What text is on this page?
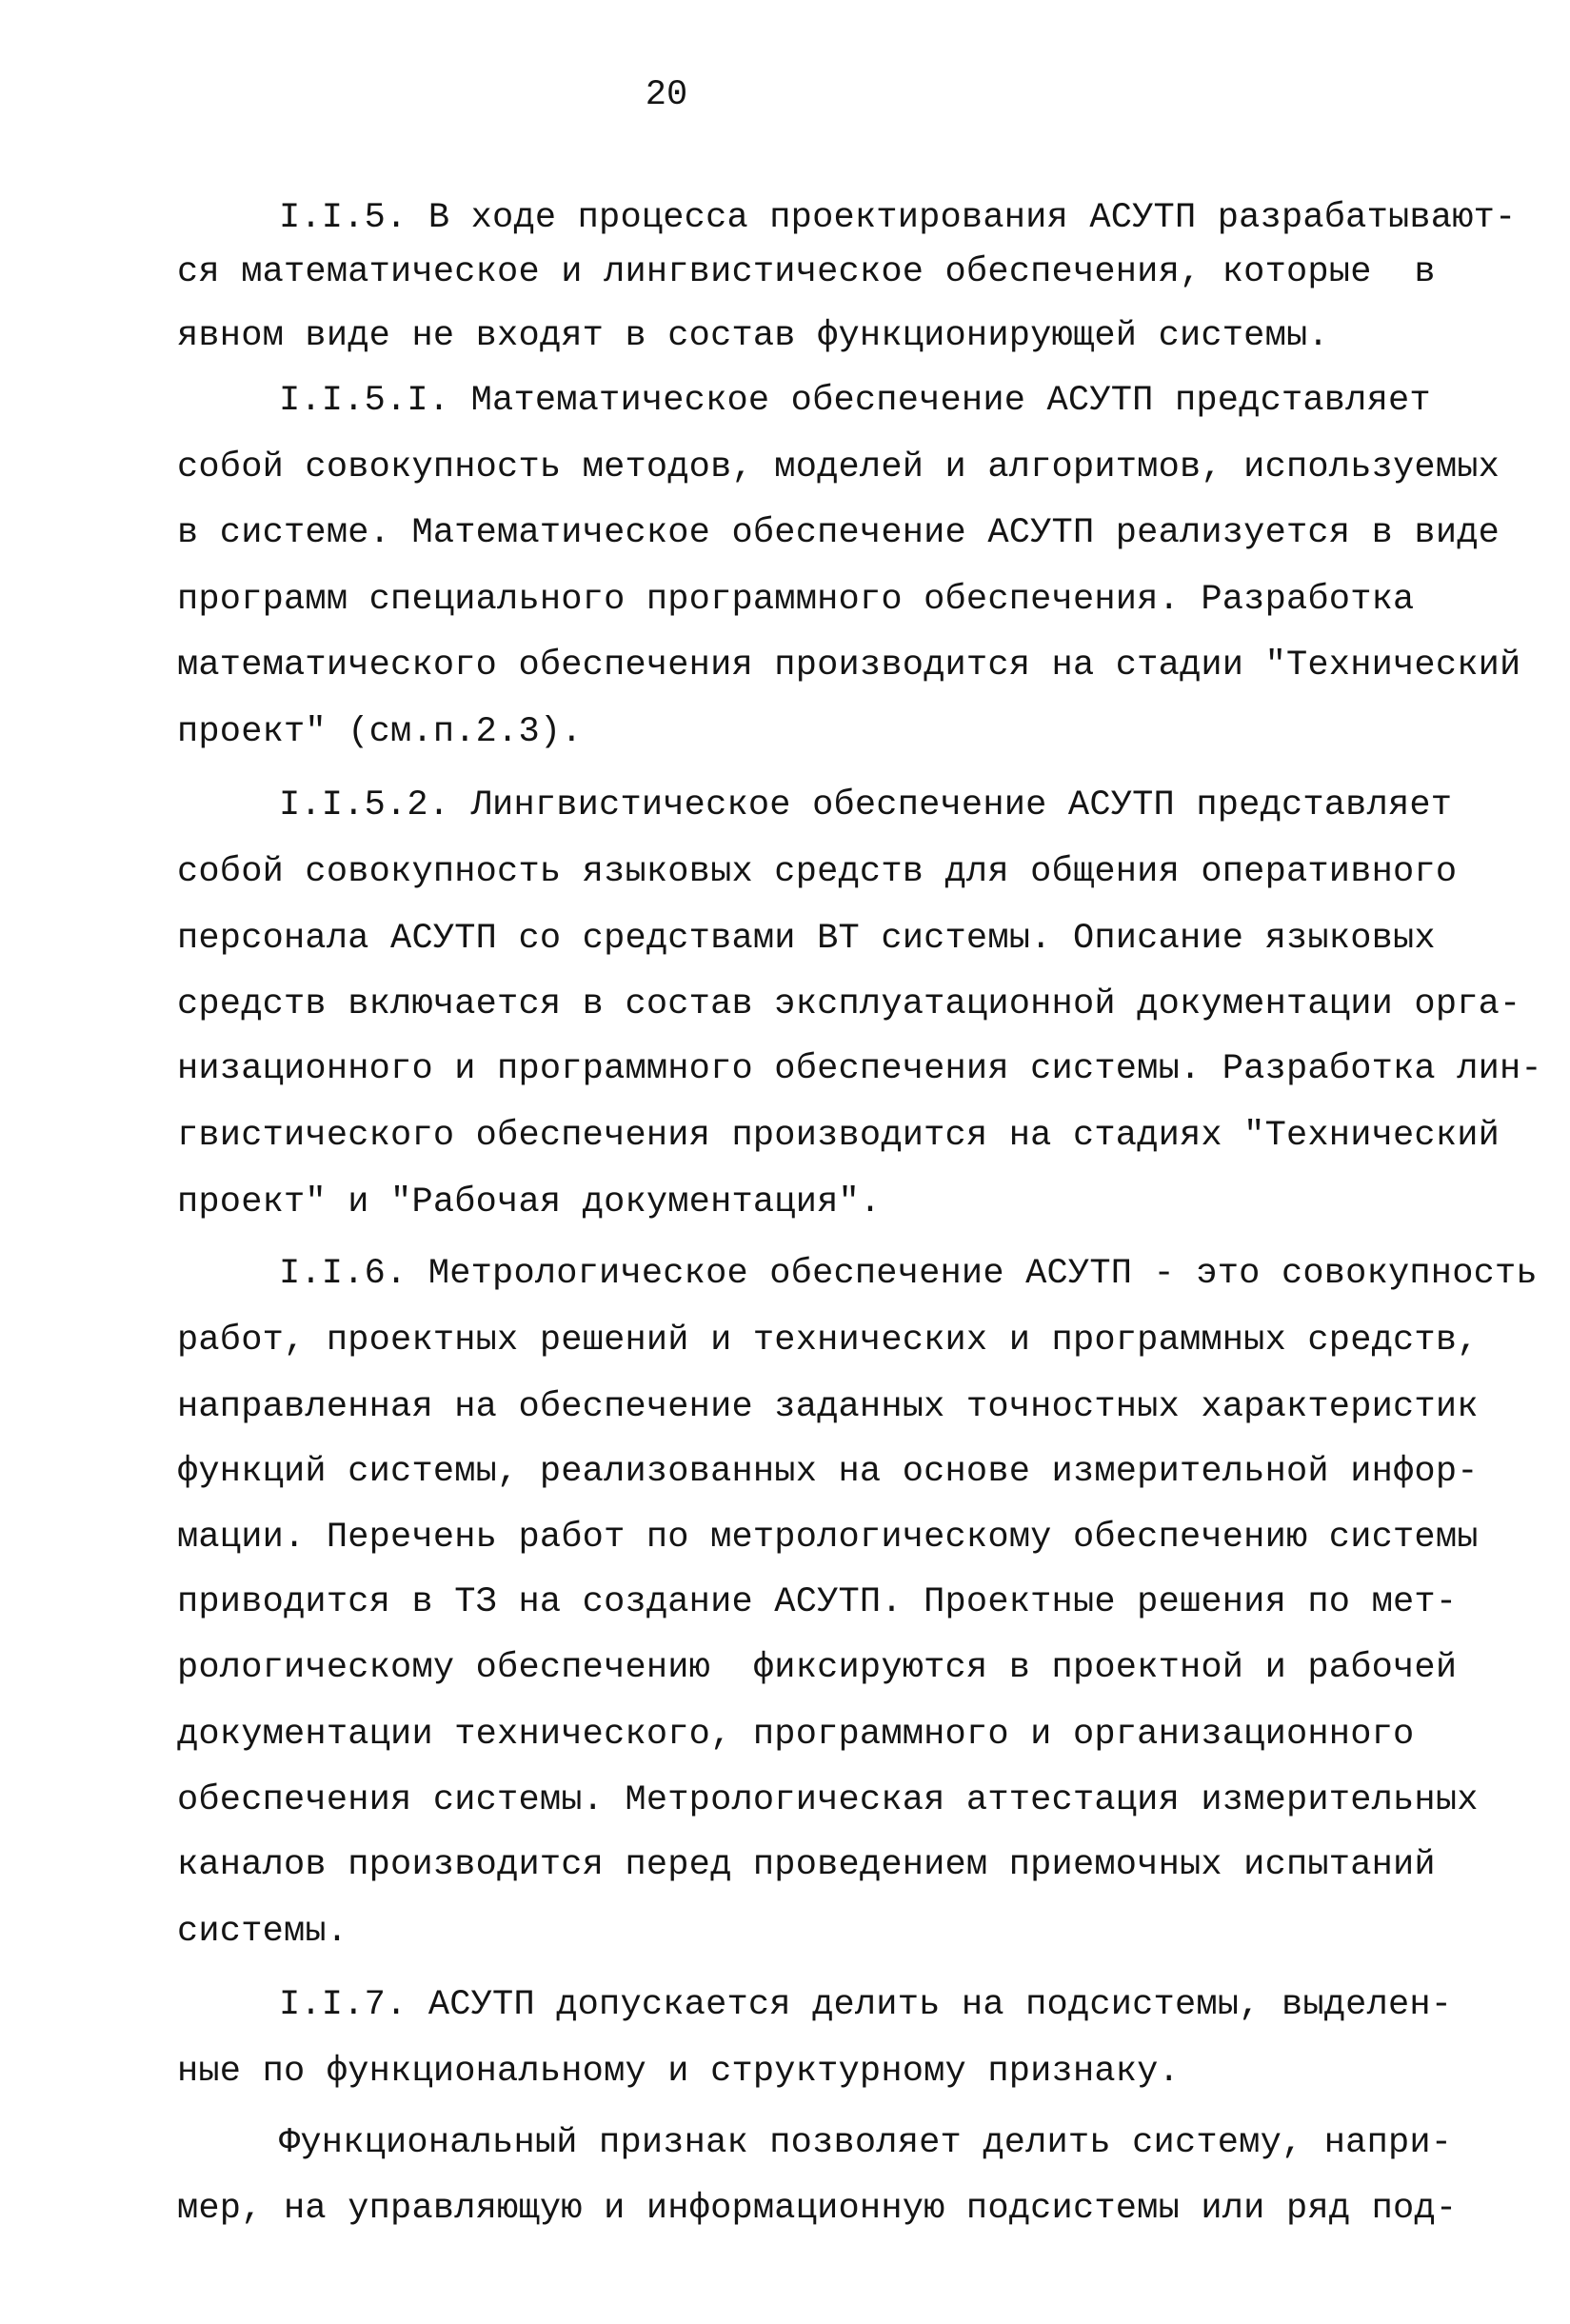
20
I.I.5. В ходе процесса проектирования АСУТП разрабатывают-
ся математическое и лингвистическое обеспечения, которые  в
явном виде не входят в состав функционирующей системы.
I.I.5.I. Математическое обеспечение АСУТП представляет
собой совокупность методов, моделей и алгоритмов, используемых
в системе. Математическое обеспечение АСУТП реализуется в виде
программ специального программного обеспечения. Разработка
математического обеспечения производится на стадии "Технический
проект" (см.п.2.3).
I.I.5.2. Лингвистическое обеспечение АСУТП представляет
собой совокупность языковых средств для общения оперативного
персонала АСУТП со средствами ВТ системы. Описание языковых
средств включается в состав эксплуатационной документации орга-
низационного и программного обеспечения системы. Разработка лин-
гвистического обеспечения производится на стадиях "Технический
проект" и "Рабочая документация".
I.I.6. Метрологическое обеспечение АСУТП - это совокупность
работ, проектных решений и технических и программных средств,
направленная на обеспечение заданных точностных характеристик
функций системы, реализованных на основе измерительной инфор-
мации. Перечень работ по метрологическому обеспечению системы
приводится в ТЗ на создание АСУТП. Проектные решения по мет-
рологическому обеспечению  фиксируются в проектной и рабочей
документации технического, программного и организационного
обеспечения системы. Метрологическая аттестация измерительных
каналов производится перед проведением приемочных испытаний
системы.
I.I.7. АСУТП допускается делить на подсистемы, выделен-
ные по функциональному и структурному признаку.
Функциональный признак позволяет делить систему, напри-
мер, на управляющую и информационную подсистемы или ряд под-
